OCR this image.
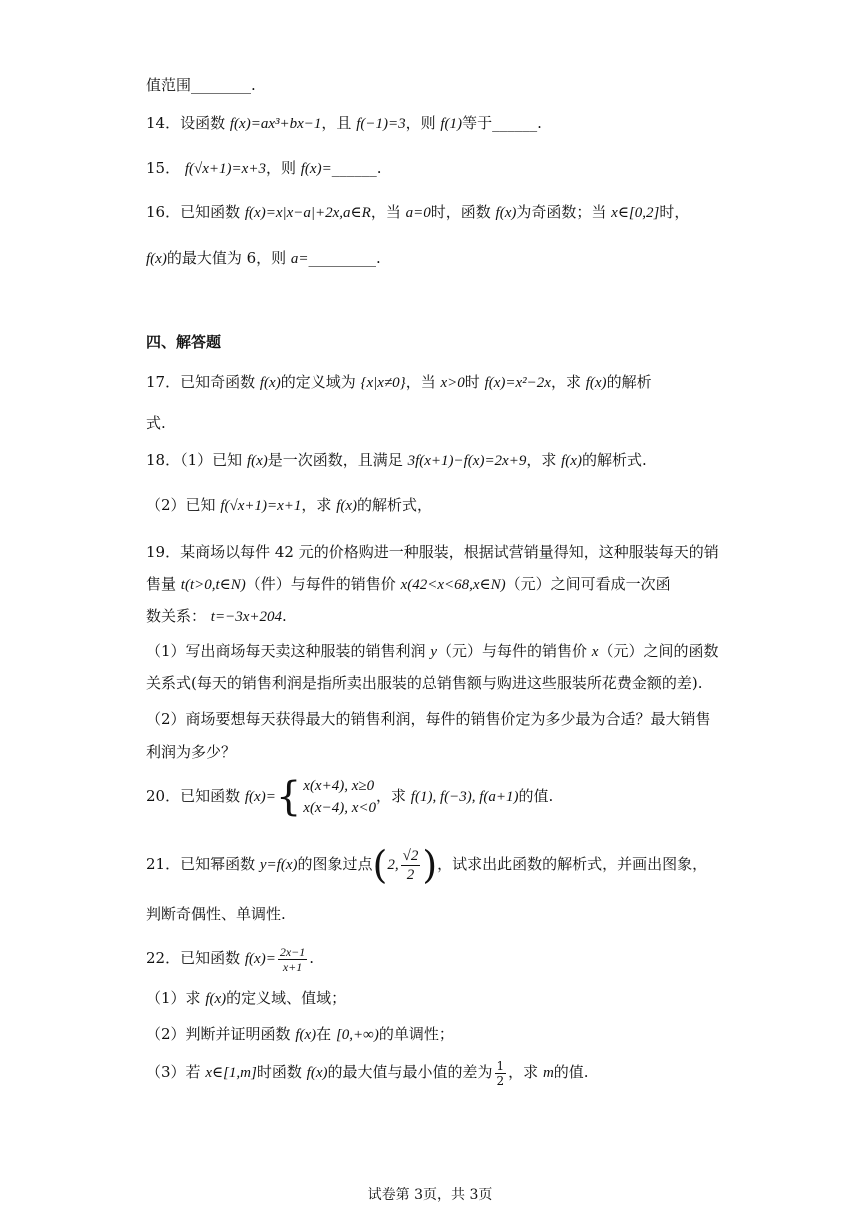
值范围________.
14．设函数 f(x)=ax³+bx−1，且 f(−1)=3，则 f(1)等于______.
15． f(√x+1)=x+3，则 f(x)=______.
16．已知函数 f(x)=x|x−a|+2x,a∈R，当 a=0时，函数 f(x)为奇函数；当 x∈[0,2]时，
f(x)的最大值为 6，则 a=_________.
四、解答题
17．已知奇函数 f(x)的定义域为 {x|x≠0}，当 x>0时 f(x)=x²−2x，求 f(x)的解析
式.
18．（1）已知 f(x)是一次函数，且满足 3f(x+1)−f(x)=2x+9，求 f(x)的解析式.
（2）已知 f(√x+1)=x+1，求 f(x)的解析式，
19．某商场以每件 42 元的价格购进一种服装，根据试营销量得知，这种服装每天的销
售量 t(t>0,t∈N)（件）与每件的销售价 x(42<x<68,x∈N)（元）之间可看成一次函
数关系： t=−3x+204.
（1）写出商场每天卖这种服装的销售利润 y（元）与每件的销售价 x（元）之间的函数
关系式(每天的销售利润是指所卖出服装的总销售额与购进这些服装所花费金额的差).
（2）商场要想每天获得最大的销售利润，每件的销售价定为多少最为合适？最大销售
利润为多少？
20．已知函数 f(x)={ x(x+4), x≥0
x(x−4), x<0
，求 f(1), f(−3), f(a+1)的值.
21．已知幂函数 y=f(x)的图象过点(2, $\frac{√2}{2}$ )，试求出此函数的解析式，并画出图象，
判断奇偶性、单调性.
22．已知函数 $f(x)= \frac{2x-1}{x+1}$ .
（1）求 f(x)的定义域、值域；
（2）判断并证明函数 f(x)在 [0,+∞)的单调性；
（3）若 x∈[1,m]时函数 f(x)的最大值与最小值的差为 $\frac{1}{2}$ ，求 m的值.
试卷第 3页，共 3页
